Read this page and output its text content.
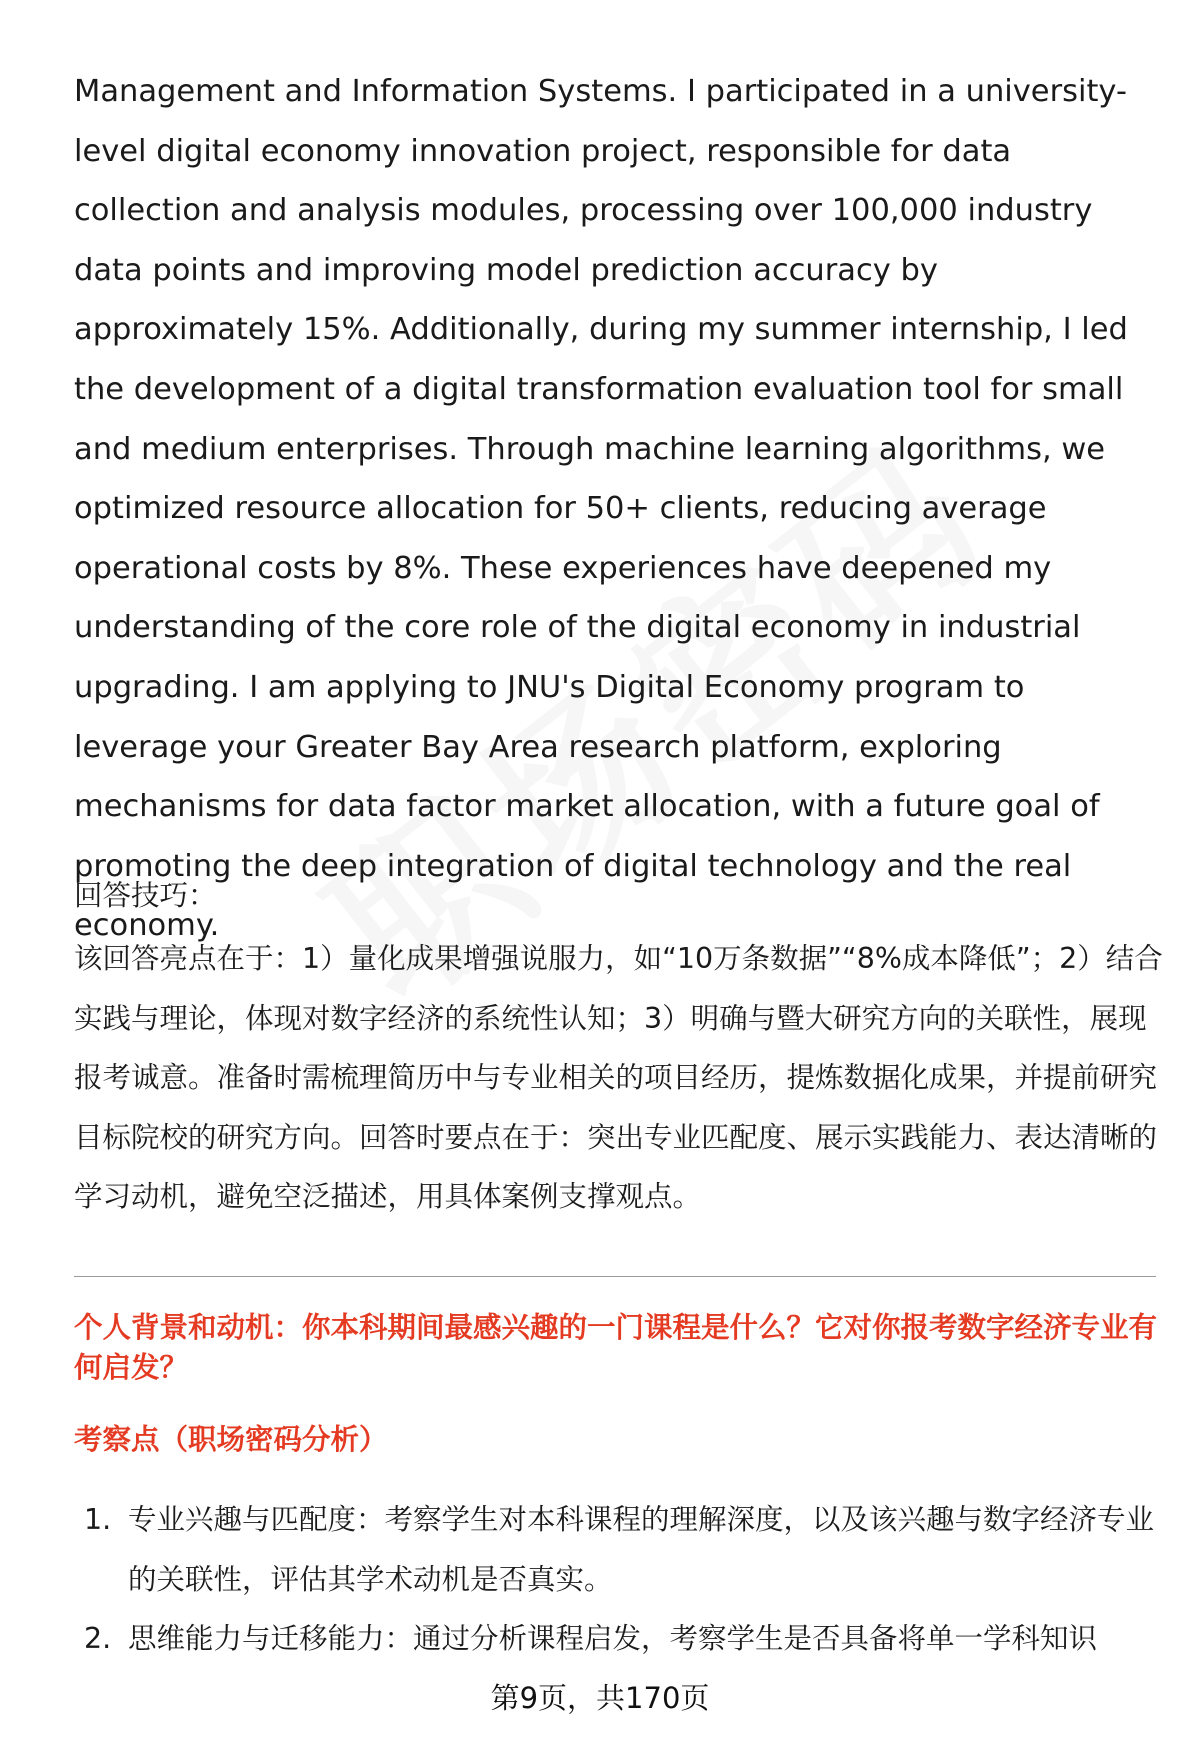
Management and Information Systems. I participated in a university-level digital economy innovation project, responsible for data collection and analysis modules, processing over 100,000 industry data points and improving model prediction accuracy by approximately 15%. Additionally, during my summer internship, I led the development of a digital transformation evaluation tool for small and medium enterprises. Through machine learning algorithms, we optimized resource allocation for 50+ clients, reducing average operational costs by 8%. These experiences have deepened my understanding of the core role of the digital economy in industrial upgrading. I am applying to JNU's Digital Economy program to leverage your Greater Bay Area research platform, exploring mechanisms for data factor market allocation, with a future goal of promoting the deep integration of digital technology and the real economy.

回答技巧：

该回答亮点在于：1）量化成果增强说服力，如“10万条数据”“8%成本降低”；2）结合实践与理论，体现对数字经济的系统性认知；3）明确与暨大研究方向的关联性，展现报考诚意。准备时需梳理简历中与专业相关的项目经历，提炼数据化成果，并提前研究目标院校的研究方向。回答时要点在于：突出专业匹配度、展示实践能力、表达清晰的学习动机，避免空泛描述，用具体案例支撑观点。

个人背景和动机：你本科期间最感兴趣的一门课程是什么？它对你报考数字经济专业有何启发？

考察点（职场密码分析）

1. 专业兴趣与匹配度：考察学生对本科课程的理解深度，以及该兴趣与数字经济专业的关联性，评估其学术动机是否真实。
2. 思维能力与迁移能力：通过分析课程启发，考察学生是否具备将单一学科知识
第9页，共170页
